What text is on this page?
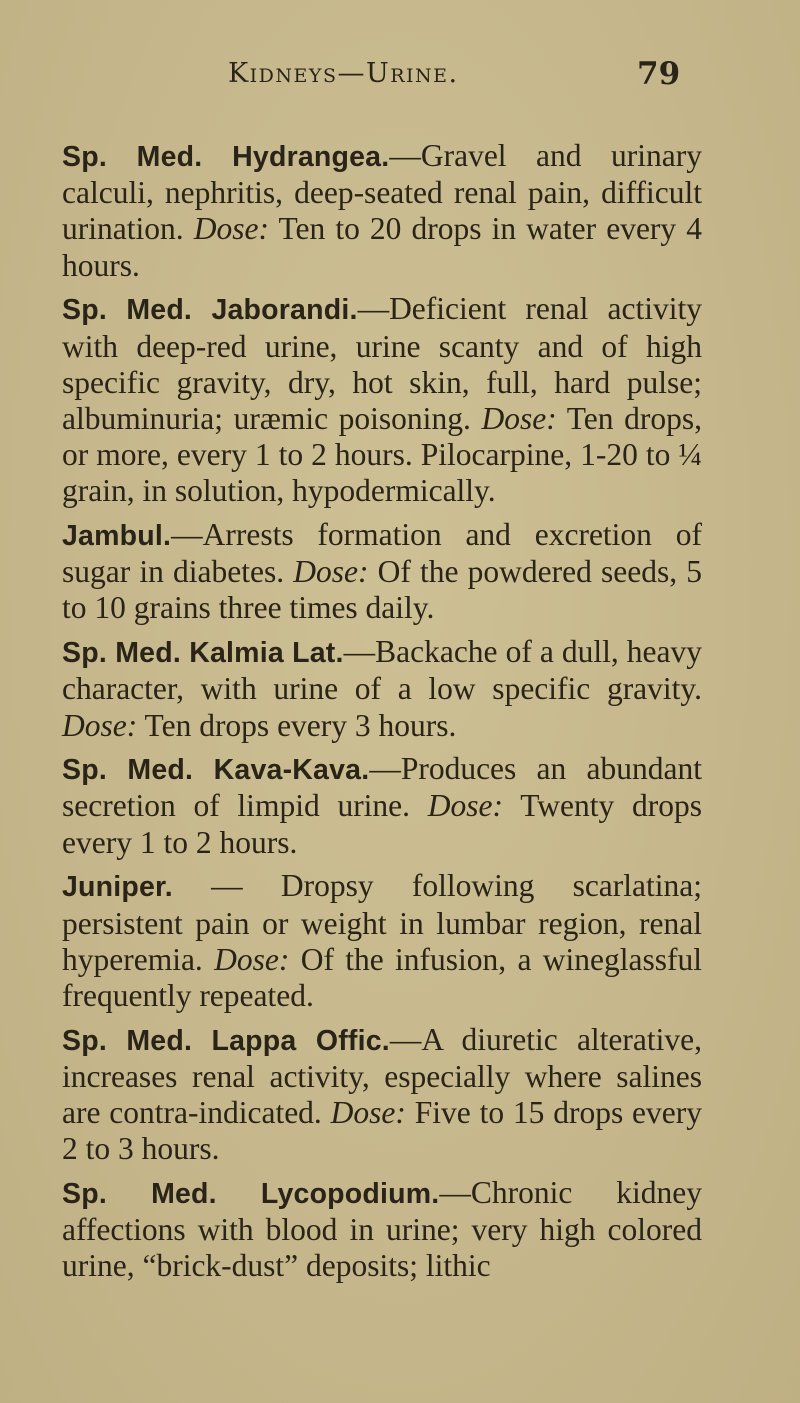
Kidneys—Urine.	79

Sp. Med. Hydrangea.—Gravel and urinary calculi, nephritis, deep-seated renal pain, difficult urination. Dose: Ten to 20 drops in water every 4 hours.

Sp. Med. Jaborandi.—Deficient renal activity with deep-red urine, urine scanty and of high specific gravity, dry, hot skin, full, hard pulse; albuminuria; uræmic poisoning. Dose: Ten drops, or more, every 1 to 2 hours. Pilocarpine, 1-20 to ¼ grain, in solution, hypodermically.

Jambul.—Arrests formation and excretion of sugar in diabetes. Dose: Of the powdered seeds, 5 to 10 grains three times daily.

Sp. Med. Kalmia Lat.—Backache of a dull, heavy character, with urine of a low specific gravity. Dose: Ten drops every 3 hours.

Sp. Med. Kava-Kava.—Produces an abundant secretion of limpid urine. Dose: Twenty drops every 1 to 2 hours.

Juniper. — Dropsy following scarlatina; persistent pain or weight in lumbar region, renal hyperemia. Dose: Of the infusion, a wineglassful frequently repeated.

Sp. Med. Lappa Offic.—A diuretic alterative, increases renal activity, especially where salines are contra-indicated. Dose: Five to 15 drops every 2 to 3 hours.

Sp. Med. Lycopodium.—Chronic kidney affections with blood in urine; very high colored urine, “brick-dust” deposits; lithic
